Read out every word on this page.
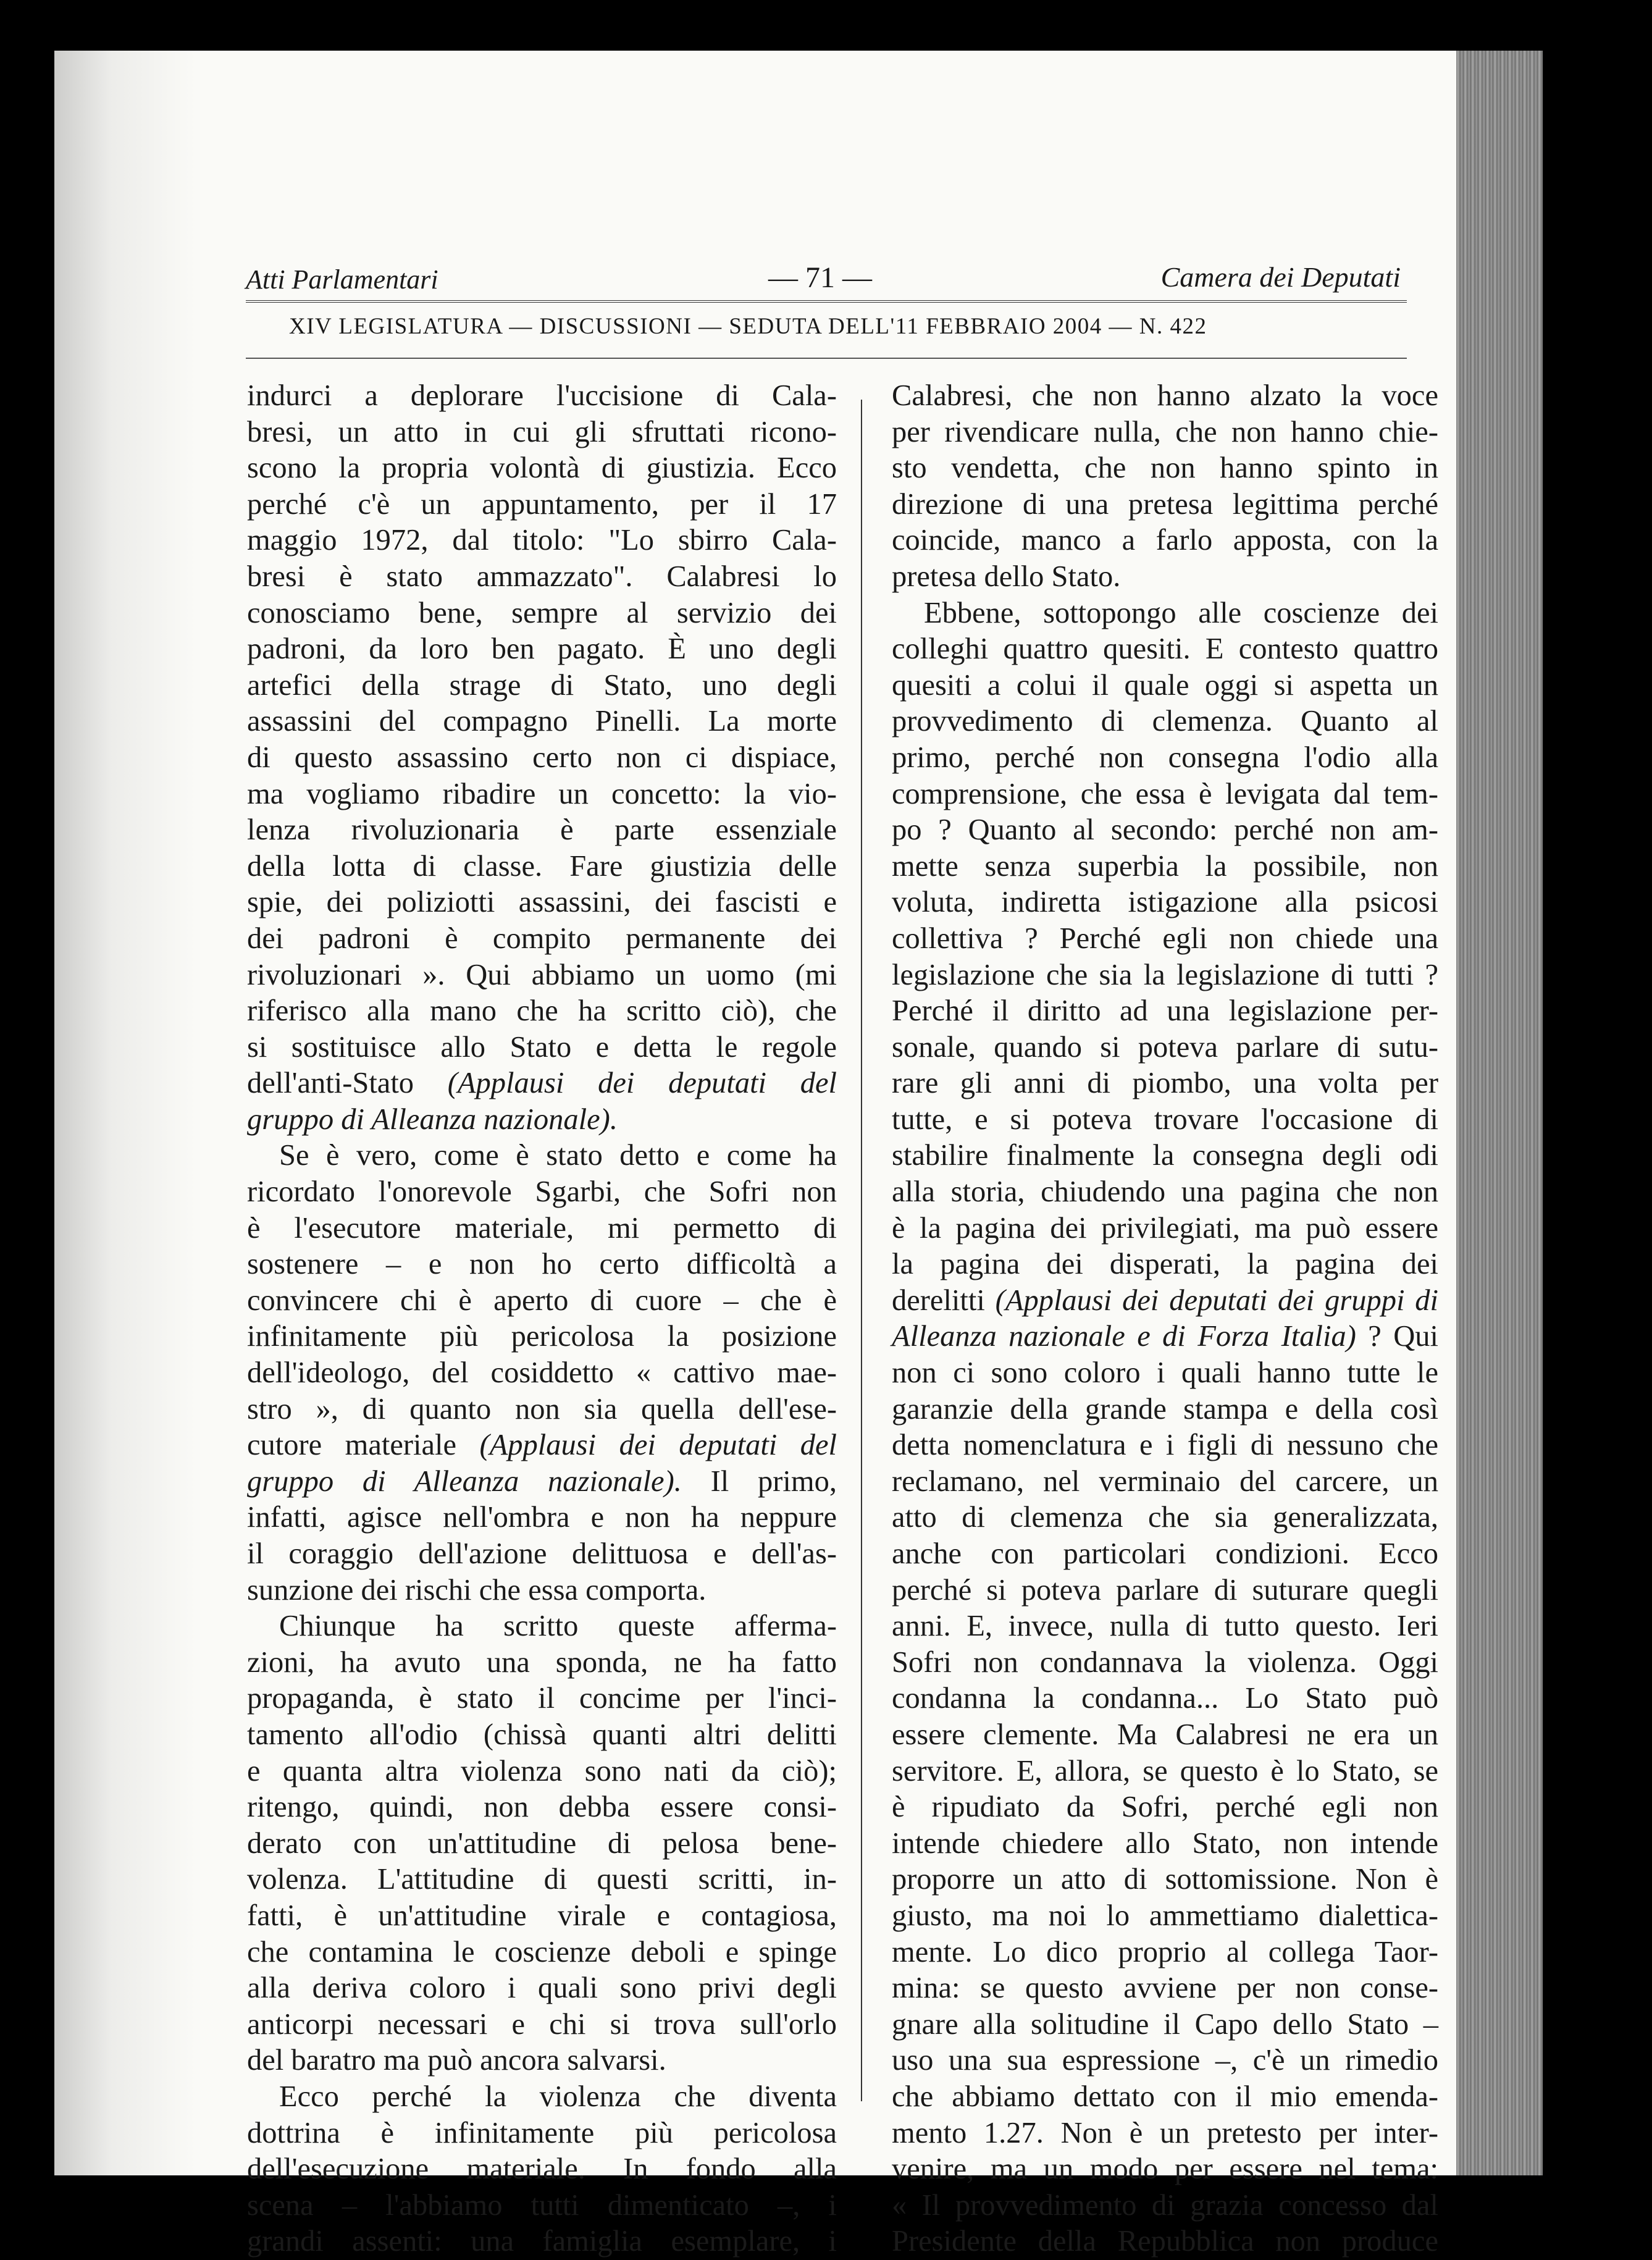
Atti Parlamentari	— 71 —	Camera dei Deputati
XIV LEGISLATURA — DISCUSSIONI — SEDUTA DELL'11 FEBBRAIO 2004 — N. 422
indurci a deplorare l'uccisione di Cala-
bresi, un atto in cui gli sfruttati ricono-
scono la propria volontà di giustizia. Ecco
perché c'è un appuntamento, per il 17
maggio 1972, dal titolo: "Lo sbirro Cala-
bresi è stato ammazzato". Calabresi lo
conosciamo bene, sempre al servizio dei
padroni, da loro ben pagato. È uno degli
artefici della strage di Stato, uno degli
assassini del compagno Pinelli. La morte
di questo assassino certo non ci dispiace,
ma vogliamo ribadire un concetto: la vio-
lenza rivoluzionaria è parte essenziale
della lotta di classe. Fare giustizia delle
spie, dei poliziotti assassini, dei fascisti e
dei padroni è compito permanente dei
rivoluzionari ». Qui abbiamo un uomo (mi
riferisco alla mano che ha scritto ciò), che
si sostituisce allo Stato e detta le regole
dell'anti-Stato (Applausi dei deputati del
gruppo di Alleanza nazionale).
Se è vero, come è stato detto e come ha
ricordato l'onorevole Sgarbi, che Sofri non
è l'esecutore materiale, mi permetto di
sostenere – e non ho certo difficoltà a
convincere chi è aperto di cuore – che è
infinitamente più pericolosa la posizione
dell'ideologo, del cosiddetto « cattivo mae-
stro », di quanto non sia quella dell'ese-
cutore materiale (Applausi dei deputati del
gruppo di Alleanza nazionale). Il primo,
infatti, agisce nell'ombra e non ha neppure
il coraggio dell'azione delittuosa e dell'as-
sunzione dei rischi che essa comporta.
Chiunque ha scritto queste afferma-
zioni, ha avuto una sponda, ne ha fatto
propaganda, è stato il concime per l'inci-
tamento all'odio (chissà quanti altri delitti
e quanta altra violenza sono nati da ciò);
ritengo, quindi, non debba essere consi-
derato con un'attitudine di pelosa bene-
volenza. L'attitudine di questi scritti, in-
fatti, è un'attitudine virale e contagiosa,
che contamina le coscienze deboli e spinge
alla deriva coloro i quali sono privi degli
anticorpi necessari e chi si trova sull'orlo
del baratro ma può ancora salvarsi.
Ecco perché la violenza che diventa
dottrina è infinitamente più pericolosa
dell'esecuzione materiale. In fondo alla
scena – l'abbiamo tutti dimenticato –, i
grandi assenti: una famiglia esemplare, i
Calabresi, che non hanno alzato la voce
per rivendicare nulla, che non hanno chie-
sto vendetta, che non hanno spinto in
direzione di una pretesa legittima perché
coincide, manco a farlo apposta, con la
pretesa dello Stato.
Ebbene, sottopongo alle coscienze dei
colleghi quattro quesiti. E contesto quattro
quesiti a colui il quale oggi si aspetta un
provvedimento di clemenza. Quanto al
primo, perché non consegna l'odio alla
comprensione, che essa è levigata dal tem-
po ? Quanto al secondo: perché non am-
mette senza superbia la possibile, non
voluta, indiretta istigazione alla psicosi
collettiva ? Perché egli non chiede una
legislazione che sia la legislazione di tutti ?
Perché il diritto ad una legislazione per-
sonale, quando si poteva parlare di sutu-
rare gli anni di piombo, una volta per
tutte, e si poteva trovare l'occasione di
stabilire finalmente la consegna degli odi
alla storia, chiudendo una pagina che non
è la pagina dei privilegiati, ma può essere
la pagina dei disperati, la pagina dei
derelitti (Applausi dei deputati dei gruppi di
Alleanza nazionale e di Forza Italia) ? Qui
non ci sono coloro i quali hanno tutte le
garanzie della grande stampa e della così
detta nomenclatura e i figli di nessuno che
reclamano, nel verminaio del carcere, un
atto di clemenza che sia generalizzata,
anche con particolari condizioni. Ecco
perché si poteva parlare di suturare quegli
anni. E, invece, nulla di tutto questo. Ieri
Sofri non condannava la violenza. Oggi
condanna la condanna... Lo Stato può
essere clemente. Ma Calabresi ne era un
servitore. E, allora, se questo è lo Stato, se
è ripudiato da Sofri, perché egli non
intende chiedere allo Stato, non intende
proporre un atto di sottomissione. Non è
giusto, ma noi lo ammettiamo dialettica-
mente. Lo dico proprio al collega Taor-
mina: se questo avviene per non conse-
gnare alla solitudine il Capo dello Stato –
uso una sua espressione –, c'è un rimedio
che abbiamo dettato con il mio emenda-
mento 1.27. Non è un pretesto per inter-
venire, ma un modo per essere nel tema:
« Il provvedimento di grazia concesso dal
Presidente della Repubblica non produce
